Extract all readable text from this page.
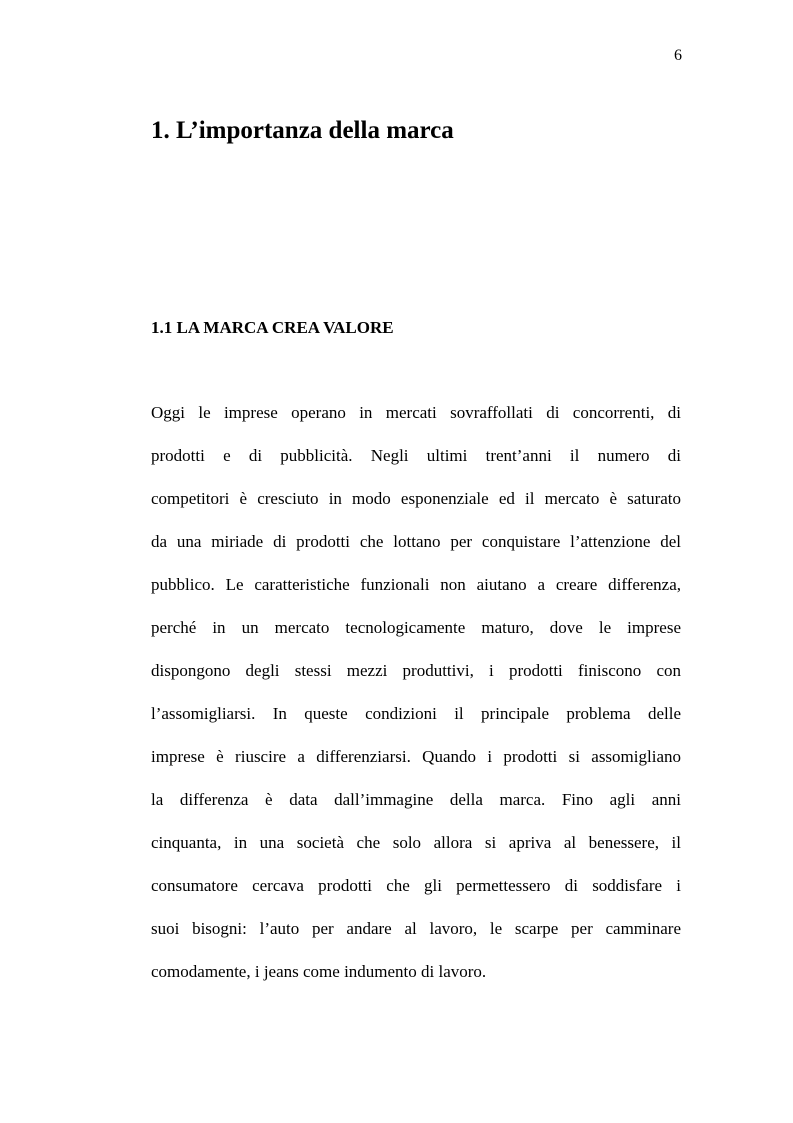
6
1. L’importanza della marca
1.1 LA MARCA CREA VALORE
Oggi le imprese operano in mercati sovraffollati di concorrenti, di
prodotti e di pubblicità. Negli ultimi trent’anni il numero di
competitori è cresciuto in modo esponenziale ed il mercato è saturato
da una miriade di prodotti che lottano per conquistare l’attenzione del
pubblico. Le caratteristiche funzionali non aiutano a creare differenza,
perché in un mercato tecnologicamente maturo, dove le imprese
dispongono degli stessi mezzi produttivi, i prodotti finiscono con
l’assomigliarsi. In queste condizioni il principale problema delle
imprese è riuscire a differenziarsi. Quando i prodotti si assomigliano
la differenza è data dall’immagine della marca. Fino agli anni
cinquanta, in una società che solo allora si apriva al benessere, il
consumatore cercava prodotti che gli permettessero di soddisfare i
suoi bisogni: l’auto per andare al lavoro, le scarpe per camminare
comodamente, i jeans come indumento di lavoro.
